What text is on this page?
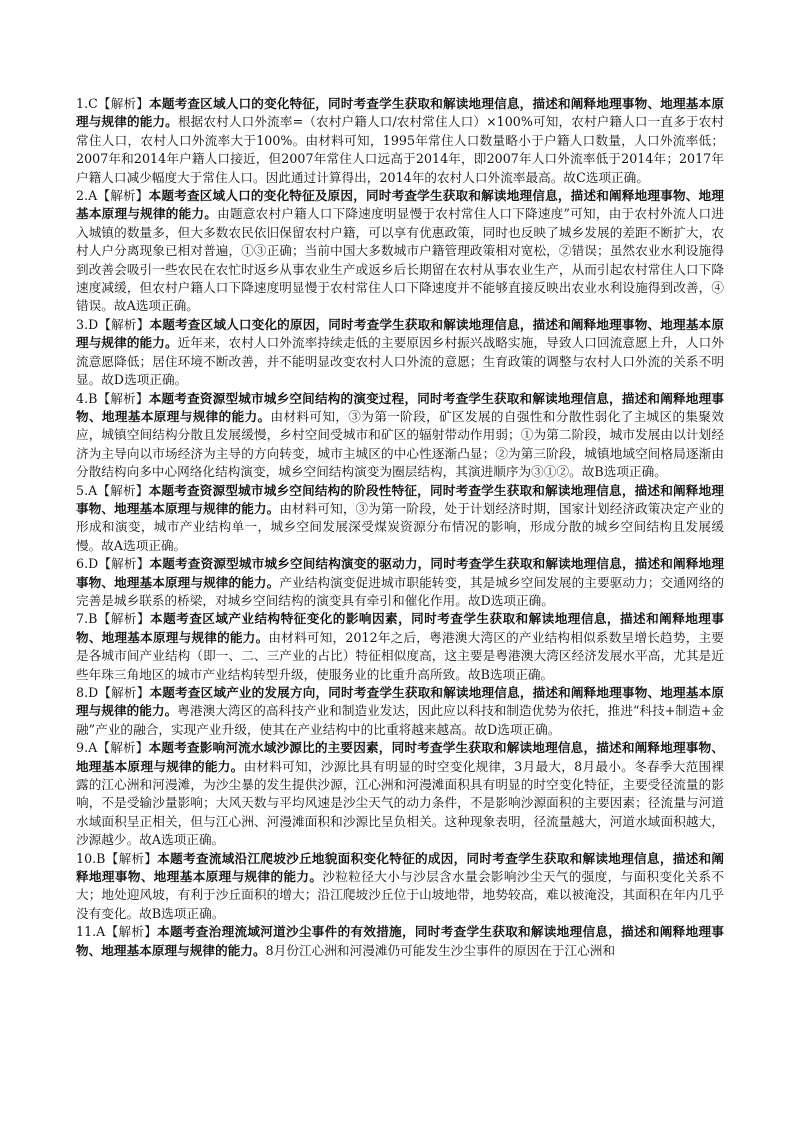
1.C【解析】本题考查区域人口的变化特征，同时考查学生获取和解读地理信息，描述和阐释地理事物、地理基本原理与规律的能力。根据农村人口外流率=（农村户籍人口/农村常住人口）×100%可知，农村户籍人口一直多于农村常住人口，农村人口外流率大于100%。由材料可知，1995年常住人口数量略小于户籍人口数量，人口外流率低；2007年和2014年户籍人口接近，但2007年常住人口远高于2014年，即2007年人口外流率低于2014年；2017年户籍人口减少幅度大于常住人口。因此通过计算得出，2014年的农村人口外流率最高。故C选项正确。

2.A【解析】本题考查区域人口的变化特征及原因，同时考查学生获取和解读地理信息，描述和阐释地理事物、地理基本原理与规律的能力。由题意农村户籍人口下降速度明显慢于农村常住人口下降速度”可知，由于农村外流人口进入城镇的数量多，但大多数农民依旧保留农村户籍，可以享有优惠政策，同时也反映了城乡发展的差距不断扩大，农村人户分离现象已相对普遍，①③正确；当前中国大多数城市户籍管理政策相对宽松，②错误；虽然农业水利设施得到改善会吸引一些农民在农忙时返乡从事农业生产或返乡后长期留在农村从事农业生产，从而引起农村常住人口下降速度减缓，但农村户籍人口下降速度明显慢于农村常住人口下降速度并不能够直接反映出农业水利设施得到改善，④错误。故A选项正确。

3.D【解析】本题考查区域人口变化的原因，同时考查学生获取和解读地理信息，描述和阐释地理事物、地理基本原理与规律的能力。近年来，农村人口外流率持续走低的主要原因乡村振兴战略实施，导致人口回流意愿上升，人口外流意愿降低；居住环境不断改善，并不能明显改变农村人口外流的意愿；生育政策的调整与农村人口外流的关系不明显。故D选项正确。

4.B【解析】本题考查资源型城市城乡空间结构的演变过程，同时考查学生获取和解读地理信息，描述和阐释地理事物、地理基本原理与规律的能力。由材料可知，③为第一阶段，矿区发展的自强性和分散性弱化了主城区的集聚效应，城镇空间结构分散且发展缓慢，乡村空间受城市和矿区的辐射带动作用弱；①为第二阶段，城市发展由以计划经济为主导向以市场经济为主导的方向转变，城市主城区的中心性逐渐凸显；②为第三阶段，城镇地域空间格局逐渐由分散结构向多中心网络化结构演变，城乡空间结构演变为圈层结构，其演进顺序为③①②。故B选项正确。

5.A【解析】本题考查资源型城市城乡空间结构的阶段性特征，同时考查学生获取和解读地理信息，描述和阐释地理事物、地理基本原理与规律的能力。由材料可知，③为第一阶段，处于计划经济时期，国家计划经济政策决定产业的形成和演变，城市产业结构单一，城乡空间发展深受煤炭资源分布情况的影响，形成分散的城乡空间结构且发展缓慢。故A选项正确。

6.D【解析】本题考查资源型城市城乡空间结构演变的驱动力，同时考查学生获取和解读地理信息，描述和阐释地理事物、地理基本原理与规律的能力。产业结构演变促进城市职能转变，其是城乡空间发展的主要驱动力；交通网络的完善是城乡联系的桥梁，对城乡空间结构的演变具有牵引和催化作用。故D选项正确。

7.B【解析】本题考查区域产业结构特征变化的影响因素，同时考查学生获取和解读地理信息，描述和阐释地理事物、地理基本原理与规律的能力。由材料可知，2012年之后，粤港澳大湾区的产业结构相似系数呈增长趋势，主要是各城市间产业结构（即一、二、三产业的占比）特征相似度高，这主要是粤港澳大湾区经济发展水平高，尤其是近些年珠三角地区的城市产业结构转型升级，使服务业的比重升高所致。故B选项正确。

8.D【解析】本题考查区域产业的发展方向，同时考查学生获取和解读地理信息，描述和阐释地理事物、地理基本原理与规律的能力。粤港澳大湾区的高科技产业和制造业发达，因此应以科技和制造优势为依托，推进“科技+制造+金融”产业的融合，实现产业升级，使其在产业结构中的比重将越来越高。故D选项正确。

9.A【解析】本题考查影响河流水域沙源比的主要因素，同时考查学生获取和解读地理信息，描述和阐释地理事物、地理基本原理与规律的能力。由材料可知，沙源比具有明显的时空变化规律，3月最大，8月最小。冬春季大范围裸露的江心洲和河漫滩，为沙尘暴的发生提供沙源，江心洲和河漫滩面积具有明显的时空变化特征，主要受径流量的影响，不是受输沙量影响；大风天数与平均风速是沙尘天气的动力条件，不是影响沙源面积的主要因素；径流量与河道水域面积呈正相关，但与江心洲、河漫滩面积和沙源比呈负相关。这种现象表明，径流量越大，河道水域面积越大，沙源越少。故A选项正确。

10.B【解析】本题考查流域沿江爬坡沙丘地貌面积变化特征的成因，同时考查学生获取和解读地理信息，描述和阐释地理事物、地理基本原理与规律的能力。沙粒粒径大小与沙层含水量会影响沙尘天气的强度，与面积变化关系不大；地处迎风坡，有利于沙丘面积的增大；沿江爬坡沙丘位于山坡地带，地势较高，难以被淹没，其面积在年内几乎没有变化。故B选项正确。

11.A【解析】本题考查治理流域河道沙尘事件的有效措施，同时考查学生获取和解读地理信息，描述和阐释地理事物、地理基本原理与规律的能力。8月份江心洲和河漫滩仍可能发生沙尘事件的原因在于江心洲和
